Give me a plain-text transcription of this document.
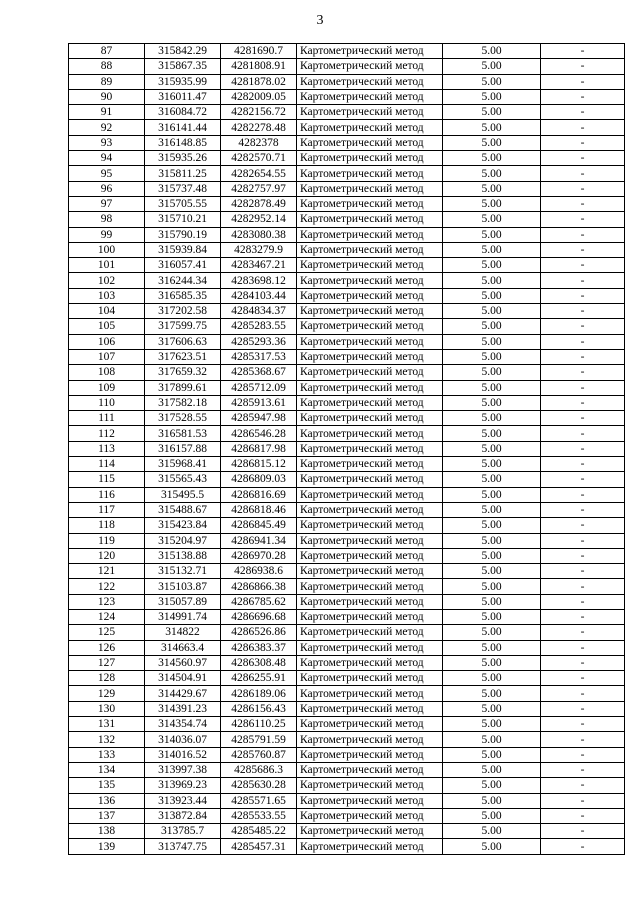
3
87	315842.29	4281690.7	Картометрический метод	5.00	-
88	315867.35	4281808.91	Картометрический метод	5.00	-
89	315935.99	4281878.02	Картометрический метод	5.00	-
90	316011.47	4282009.05	Картометрический метод	5.00	-
91	316084.72	4282156.72	Картометрический метод	5.00	-
92	316141.44	4282278.48	Картометрический метод	5.00	-
93	316148.85	4282378	Картометрический метод	5.00	-
94	315935.26	4282570.71	Картометрический метод	5.00	-
95	315811.25	4282654.55	Картометрический метод	5.00	-
96	315737.48	4282757.97	Картометрический метод	5.00	-
97	315705.55	4282878.49	Картометрический метод	5.00	-
98	315710.21	4282952.14	Картометрический метод	5.00	-
99	315790.19	4283080.38	Картометрический метод	5.00	-
100	315939.84	4283279.9	Картометрический метод	5.00	-
101	316057.41	4283467.21	Картометрический метод	5.00	-
102	316244.34	4283698.12	Картометрический метод	5.00	-
103	316585.35	4284103.44	Картометрический метод	5.00	-
104	317202.58	4284834.37	Картометрический метод	5.00	-
105	317599.75	4285283.55	Картометрический метод	5.00	-
106	317606.63	4285293.36	Картометрический метод	5.00	-
107	317623.51	4285317.53	Картометрический метод	5.00	-
108	317659.32	4285368.67	Картометрический метод	5.00	-
109	317899.61	4285712.09	Картометрический метод	5.00	-
110	317582.18	4285913.61	Картометрический метод	5.00	-
111	317528.55	4285947.98	Картометрический метод	5.00	-
112	316581.53	4286546.28	Картометрический метод	5.00	-
113	316157.88	4286817.98	Картометрический метод	5.00	-
114	315968.41	4286815.12	Картометрический метод	5.00	-
115	315565.43	4286809.03	Картометрический метод	5.00	-
116	315495.5	4286816.69	Картометрический метод	5.00	-
117	315488.67	4286818.46	Картометрический метод	5.00	-
118	315423.84	4286845.49	Картометрический метод	5.00	-
119	315204.97	4286941.34	Картометрический метод	5.00	-
120	315138.88	4286970.28	Картометрический метод	5.00	-
121	315132.71	4286938.6	Картометрический метод	5.00	-
122	315103.87	4286866.38	Картометрический метод	5.00	-
123	315057.89	4286785.62	Картометрический метод	5.00	-
124	314991.74	4286696.68	Картометрический метод	5.00	-
125	314822	4286526.86	Картометрический метод	5.00	-
126	314663.4	4286383.37	Картометрический метод	5.00	-
127	314560.97	4286308.48	Картометрический метод	5.00	-
128	314504.91	4286255.91	Картометрический метод	5.00	-
129	314429.67	4286189.06	Картометрический метод	5.00	-
130	314391.23	4286156.43	Картометрический метод	5.00	-
131	314354.74	4286110.25	Картометрический метод	5.00	-
132	314036.07	4285791.59	Картометрический метод	5.00	-
133	314016.52	4285760.87	Картометрический метод	5.00	-
134	313997.38	4285686.3	Картометрический метод	5.00	-
135	313969.23	4285630.28	Картометрический метод	5.00	-
136	313923.44	4285571.65	Картометрический метод	5.00	-
137	313872.84	4285533.55	Картометрический метод	5.00	-
138	313785.7	4285485.22	Картометрический метод	5.00	-
139	313747.75	4285457.31	Картометрический метод	5.00	-
